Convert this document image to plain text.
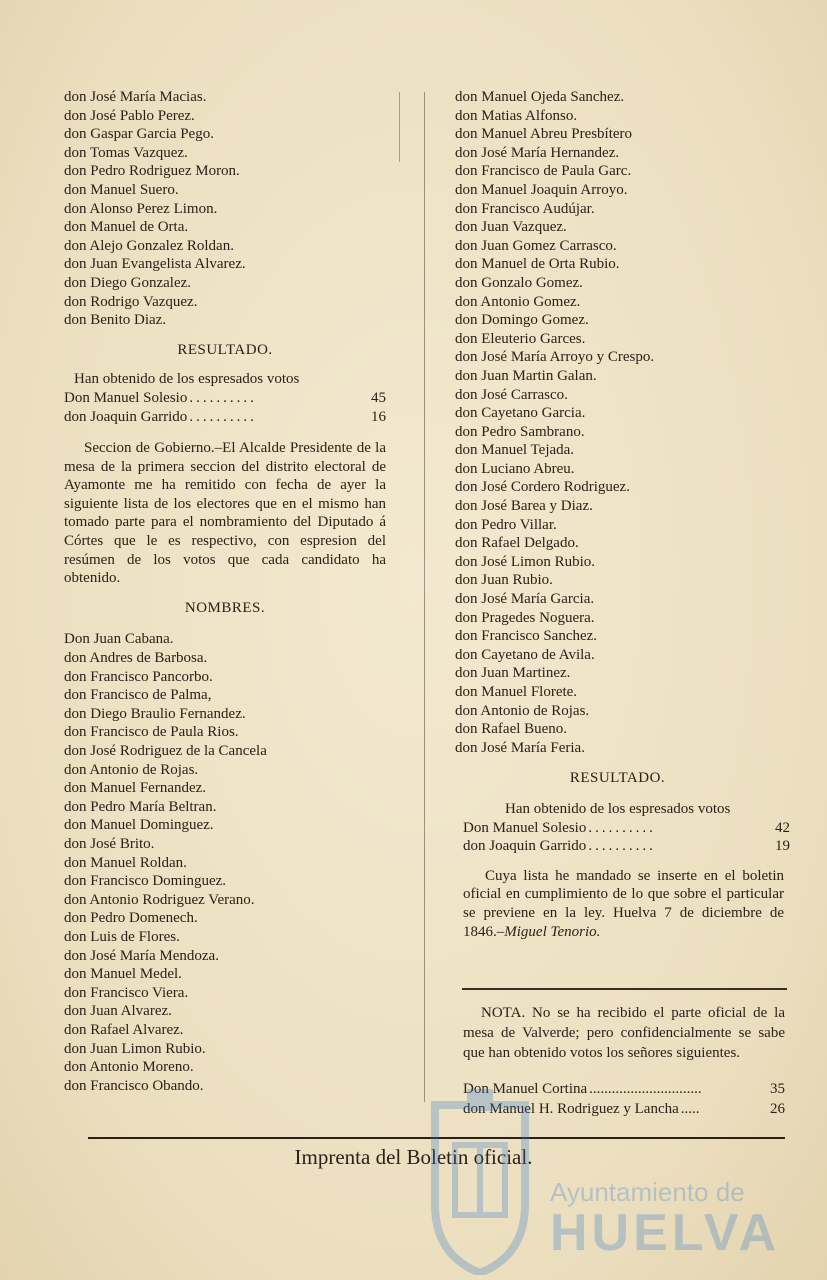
don José María Macias.
don José Pablo Perez.
don Gaspar Garcia Pego.
don Tomas Vazquez.
don Pedro Rodriguez Moron.
don Manuel Suero.
don Alonso Perez Limon.
don Manuel de Orta.
don Alejo Gonzalez Roldan.
don Juan Evangelista Alvarez.
don Diego Gonzalez.
don Rodrigo Vazquez.
don Benito Diaz.
RESULTADO.
Han obtenido de los espresados votos
Don Manuel Solesio ..........	45
don Joaquin Garrido ..........	16

Seccion de Gobierno.–El Alcalde Presidente de la mesa de la primera seccion del distrito electoral de Ayamonte me ha remitido con fecha de ayer la siguiente lista de los electores que en el mismo han tomado parte para el nombramiento del Diputado á Córtes que le es respectivo, con espresion del resúmen de los votos que cada candidato ha obtenido.

NOMBRES.
Don Juan Cabana.
don Andres de Barbosa.
don Francisco Pancorbo.
don Francisco de Palma,
don Diego Braulio Fernandez.
don Francisco de Paula Rios.
don José Rodriguez de la Cancela
don Antonio de Rojas.
don Manuel Fernandez.
don Pedro María Beltran.
don Manuel Dominguez.
don José Brito.
don Manuel Roldan.
don Francisco Dominguez.
don Antonio Rodriguez Verano.
don Pedro Domenech.
don Luis de Flores.
don José María Mendoza.
don Manuel Medel.
don Francisco Viera.
don Juan Alvarez.
don Rafael Alvarez.
don Juan Limon Rubio.
don Antonio Moreno.
don Francisco Obando.
don Manuel Ojeda Sanchez.
don Matias Alfonso.
don Manuel Abreu Presbítero
don José María Hernandez.
don Francisco de Paula Garc.
don Manuel Joaquin Arroyo.
don Francisco Audújar.
don Juan Vazquez.
don Juan Gomez Carrasco.
don Manuel de Orta Rubio.
don Gonzalo Gomez.
don Antonio Gomez.
don Domingo Gomez.
don Eleuterio Garces.
don José María Arroyo y Crespo.
don Juan Martin Galan.
don José Carrasco.
don Cayetano Garcia.
don Pedro Sambrano.
don Manuel Tejada.
don Luciano Abreu.
don José Cordero Rodriguez.
don José Barea y Diaz.
don Pedro Villar.
don Rafael Delgado.
don José Limon Rubio.
don Juan Rubio.
don José María Garcia.
don Pragedes Noguera.
don Francisco Sanchez.
don Cayetano de Avila.
don Juan Martinez.
don Manuel Florete.
don Antonio de Rojas.
don Rafael Bueno.
don José María Feria.
RESULTADO.
Han obtenido de los espresados votos
Don Manuel Solesio ..........	42
don Joaquin Garrido ..........	19

Cuya lista he mandado se inserte en el boletin oficial en cumplimiento de lo que sobre el particular se previene en la ley. Huelva 7 de diciembre de 1846.–Miguel Tenorio.

NOTA. No se ha recibido el parte oficial de la mesa de Valverde; pero confidencialmente se sabe que han obtenido votos los señores siguientes.

Don Manuel Cortina ..............................	35
don Manuel H. Rodriguez y Lancha .....	26
Imprenta del Boletin oficial.
Ayuntamiento de
HUELVA
